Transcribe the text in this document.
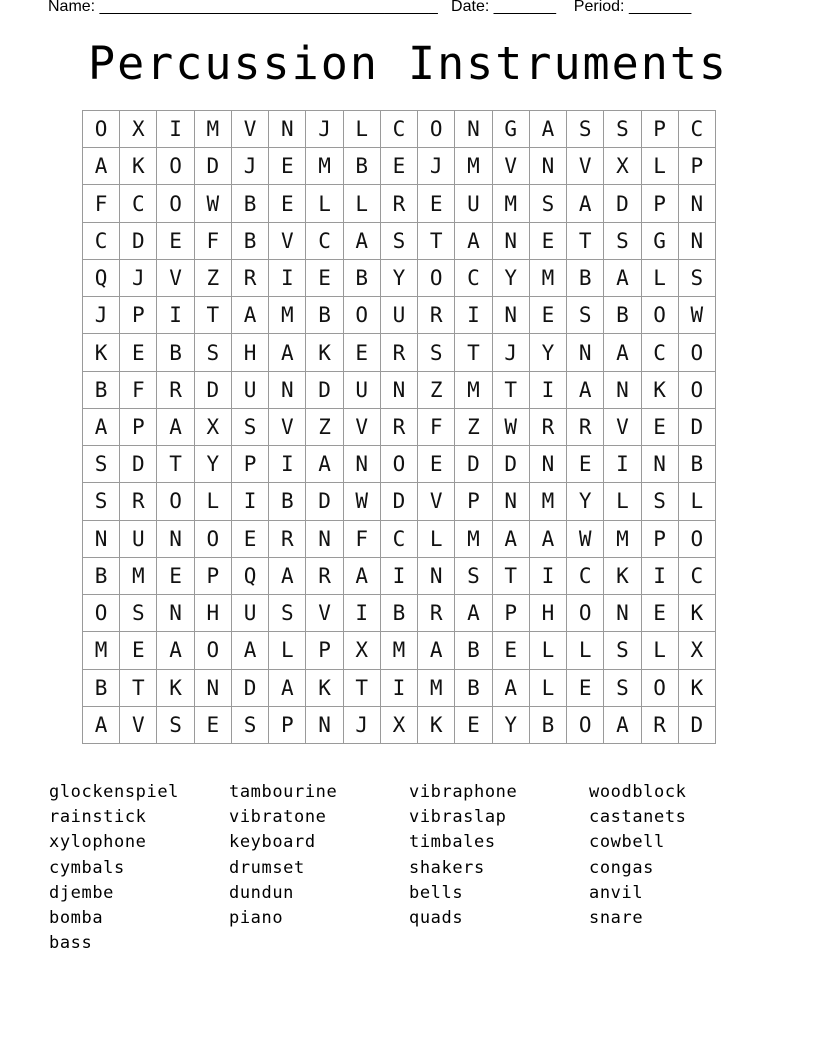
Name: ______________________________________   Date: _______    Period: _______
Percussion Instruments
O	X	I	M	V	N	J	L	C	O	N	G	A	S	S	P	C
A	K	O	D	J	E	M	B	E	J	M	V	N	V	X	L	P
F	C	O	W	B	E	L	L	R	E	U	M	S	A	D	P	N
C	D	E	F	B	V	C	A	S	T	A	N	E	T	S	G	N
Q	J	V	Z	R	I	E	B	Y	O	C	Y	M	B	A	L	S
J	P	I	T	A	M	B	O	U	R	I	N	E	S	B	O	W
K	E	B	S	H	A	K	E	R	S	T	J	Y	N	A	C	O
B	F	R	D	U	N	D	U	N	Z	M	T	I	A	N	K	O
A	P	A	X	S	V	Z	V	R	F	Z	W	R	R	V	E	D
S	D	T	Y	P	I	A	N	O	E	D	D	N	E	I	N	B
S	R	O	L	I	B	D	W	D	V	P	N	M	Y	L	S	L
N	U	N	O	E	R	N	F	C	L	M	A	A	W	M	P	O
B	M	E	P	Q	A	R	A	I	N	S	T	I	C	K	I	C
O	S	N	H	U	S	V	I	B	R	A	P	H	O	N	E	K
M	E	A	O	A	L	P	X	M	A	B	E	L	L	S	L	X
B	T	K	N	D	A	K	T	I	M	B	A	L	E	S	O	K
A	V	S	E	S	P	N	J	X	K	E	Y	B	O	A	R	D
glockenspiel	tambourine	vibraphone	woodblock
rainstick	vibratone	vibraslap	castanets
xylophone	keyboard	timbales	cowbell
cymbals	drumset	shakers	congas
djembe	dundun	bells	anvil
bomba	piano	quads	snare
bass
